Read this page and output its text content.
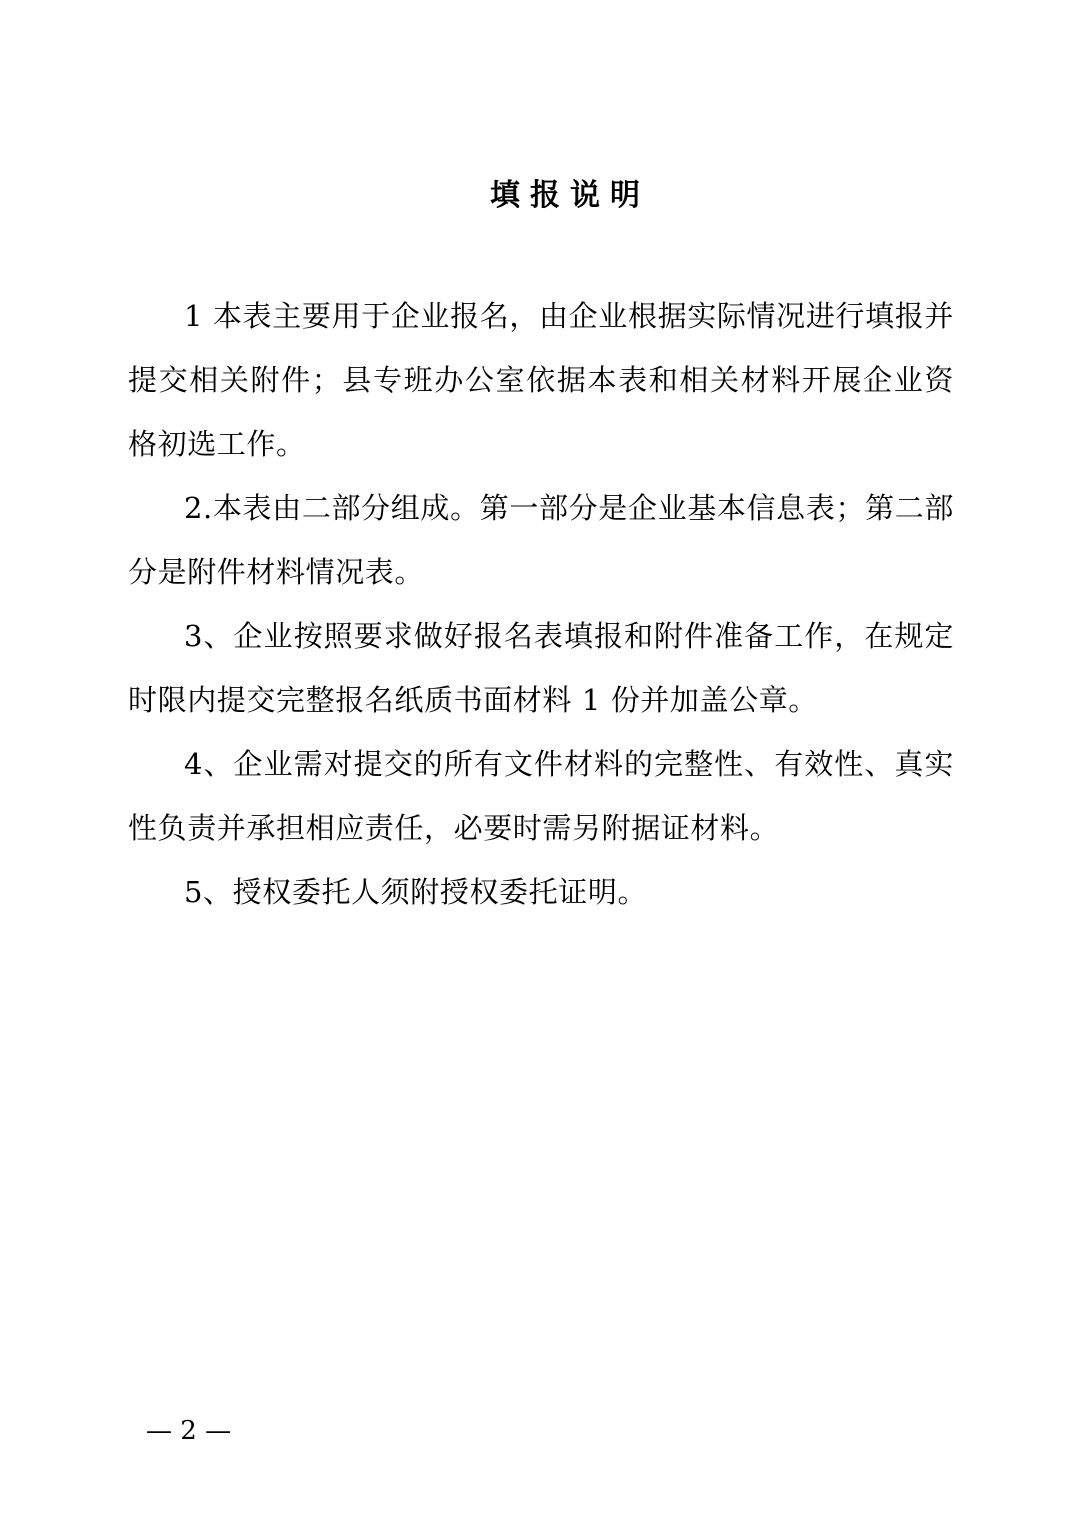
填报说明

1 本表主要用于企业报名，由企业根据实际情况进行填报并提交相关附件；县专班办公室依据本表和相关材料开展企业资格初选工作。

2.本表由二部分组成。第一部分是企业基本信息表；第二部分是附件材料情况表。

3、企业按照要求做好报名表填报和附件准备工作，在规定时限内提交完整报名纸质书面材料 1 份并加盖公章。

4、企业需对提交的所有文件材料的完整性、有效性、真实性负责并承担相应责任，必要时需另附据证材料。

5、授权委托人须附授权委托证明。

— 2 —
